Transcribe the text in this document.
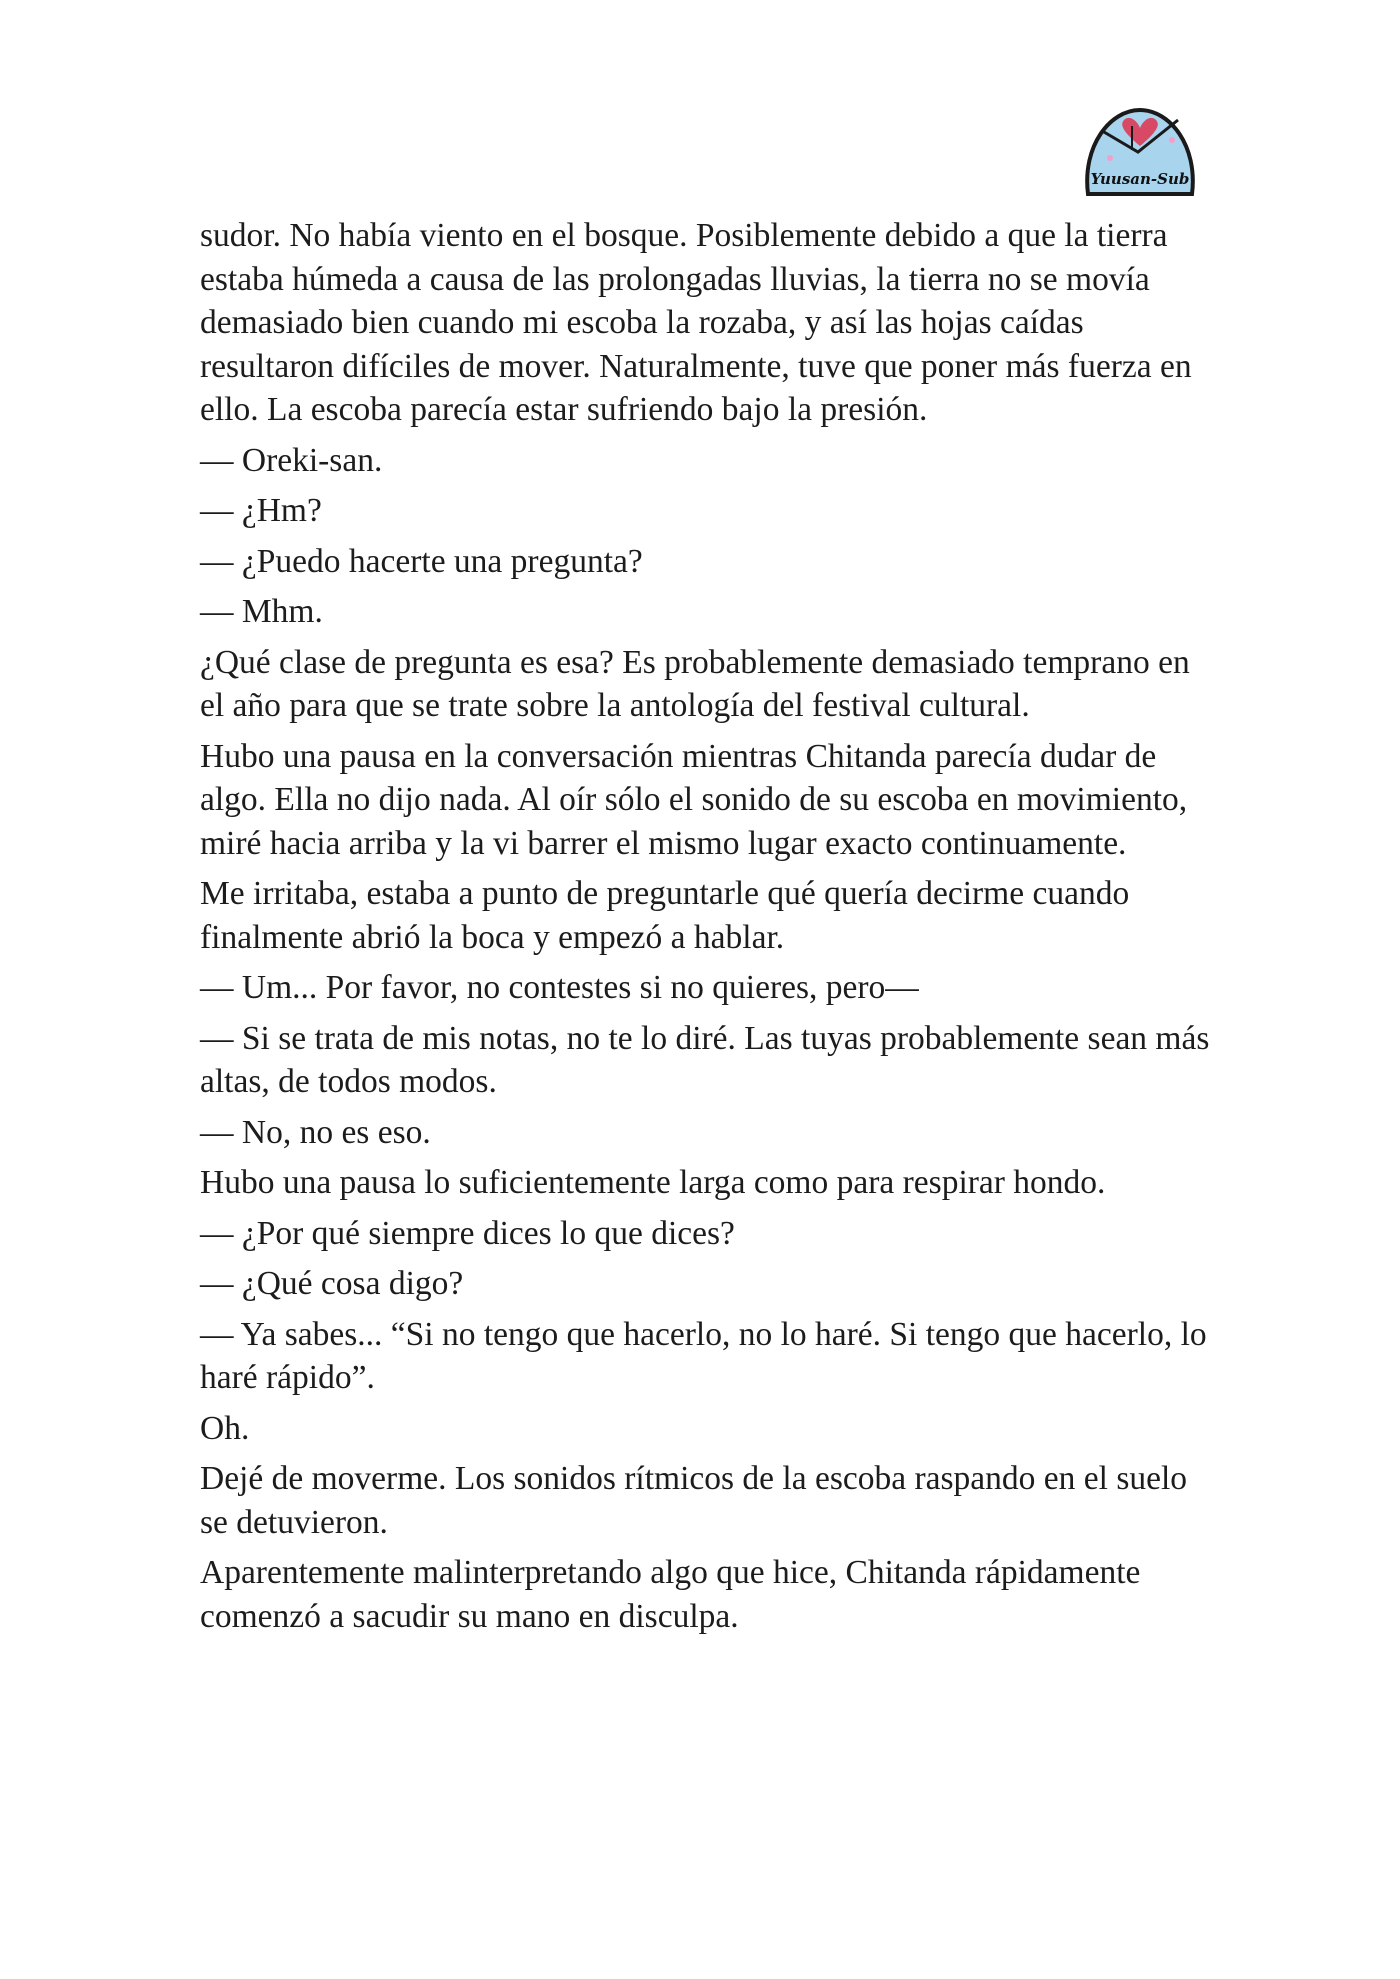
Yuusan-Sub

sudor. No había viento en el bosque. Posiblemente debido a que la tierra estaba húmeda a causa de las prolongadas lluvias, la tierra no se movía demasiado bien cuando mi escoba la rozaba, y así las hojas caídas resultaron difíciles de mover. Naturalmente, tuve que poner más fuerza en ello. La escoba parecía estar sufriendo bajo la presión.

— Oreki-san.

— ¿Hm?

— ¿Puedo hacerte una pregunta?

— Mhm.

¿Qué clase de pregunta es esa? Es probablemente demasiado temprano en el año para que se trate sobre la antología del festival cultural.

Hubo una pausa en la conversación mientras Chitanda parecía dudar de algo. Ella no dijo nada. Al oír sólo el sonido de su escoba en movimiento, miré hacia arriba y la vi barrer el mismo lugar exacto continuamente.

Me irritaba, estaba a punto de preguntarle qué quería decirme cuando finalmente abrió la boca y empezó a hablar.

— Um... Por favor, no contestes si no quieres, pero—

— Si se trata de mis notas, no te lo diré. Las tuyas probablemente sean más altas, de todos modos.

— No, no es eso.

Hubo una pausa lo suficientemente larga como para respirar hondo.

— ¿Por qué siempre dices lo que dices?

— ¿Qué cosa digo?

— Ya sabes... “Si no tengo que hacerlo, no lo haré. Si tengo que hacerlo, lo haré rápido”.

Oh.

Dejé de moverme. Los sonidos rítmicos de la escoba raspando en el suelo se detuvieron.

Aparentemente malinterpretando algo que hice, Chitanda rápidamente comenzó a sacudir su mano en disculpa.
